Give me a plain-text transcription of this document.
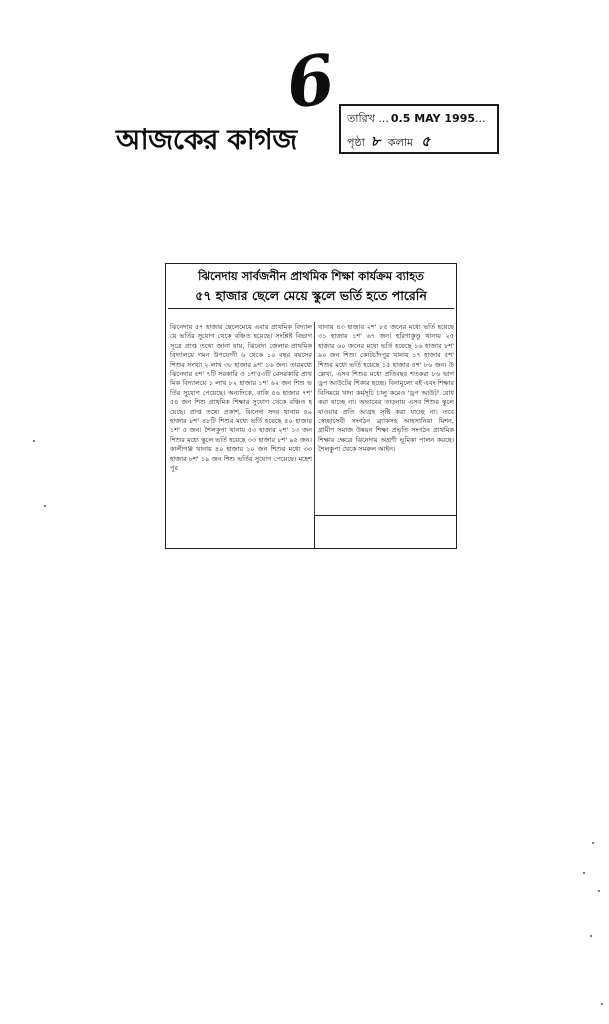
6
আজকের কাগজ
তারিখ ... 0.5 MAY 1995...
পৃষ্ঠা ৮ কলাম ৫
ঝিনেদায় সার্বজনীন প্রাথমিক শিক্ষা কার্যক্রম ব্যাহত
৫৭ হাজার ছেলে মেয়ে স্কুলে ভর্তি হতে পারেনি
ঝিনেদায় ৫৭ হাজার ছেলেমেয়ে এবার প্রাথমিক বিদ্যালয়ে ভর্তির সুযোগ থেকে বঞ্চিত হয়েছে। সংশ্লিষ্ট বিভাগ সূত্রে প্রাপ্ত তথ্যে জানা যায়, ঝিনেদা জেলার প্রাথমিক বিদ্যালয়ে গমন উপযোগী ৬ থেকে ১০ বছর বয়সের শিশুর সংখ্যা ২ লাখ ৩৮ হাজার ৯শ' ১৬ জন। তারমধ্যে ঝিনেদার ৫শ' ৭টি সরকারি ও ১শ'৫৩টি বেসরকারি প্রাথমিক বিদ্যালয়ে ১ লাখ ৮২ হাজার ১শ' ৬২ জন শিশু ভর্তির সুযোগ পেয়েছে। অন্যদিকে, বাকি ৫৬ হাজার ৭শ' ৫৪ জন শিশু প্রাথমিক শিক্ষার সুযোগ থেকে বঞ্চিত হয়েছে। প্রাপ্ত তথ্যে প্রকাশ, ঝিনেদা সদর থানায় ৫৯ হাজার ৮শ' ৪৮টি শিশুর মধ্যে ভর্তি হয়েছে ৫০ হাজার ১শ' ৫ জন। শৈলকুপা থানায় ৫৩ হাজার ২শ' ১৩ জন শিশুর মধ্যে স্কুলে ভর্তি হয়েছে ৩৩ হাজার ৮শ' ৯৫ জন। কালীগঞ্জ থানায় ৪০ হাজার ১০ জন শিশুর মধ্যে ৩৩ হাজার ৮শ' ১৯ জন শিশু ভর্তির সুযোগ পেয়েছে। মহেশপুর
থানায় ৪৩ হাজার ২শ' ৮৫ জনের মধ্যে ভর্তি হয়েছে ৩১ হাজার ১শ' ৬৭ জন। হরিণাকুণ্ডু থানায় ২৫ হাজার ৬০ জনের মধ্যে ভর্তি হয়েছে ১৬ হাজার ৮শ' ৯০ জন শিশু। কোটচাঁদপুর থানায় ১৭ হাজার ৫শ' শিশুর মধ্যে ভর্তি হয়েছে ১৫ হাজার ৫শ' ৮৬ জন। উল্লেখ্য, এসব শিশুর মধ্যে প্রতিবছর শতকরা ৮৬ ভাগ ড্রপ আউটের শিকার হচ্ছে। বিনামূল্যে বই এবং শিক্ষার বিনিময়ে খাদ্য কর্মসূচি চালু করেও 'ড্রপ আউট' রোধ করা যাচ্ছে না। অভাবের তাড়নায় এসব শিশুর স্কুলে যাওয়ার প্রতি আগ্রহ সৃষ্টি করা যাচ্ছে না। তবে স্বেচ্ছাসেবী সংগঠন ব্র্যাকসহ আহসানিয়া মিশন, গ্রামীণ সমাজ উন্নয়ন শিক্ষা প্রভৃতি সংগঠন প্রাথমিক শিক্ষার ক্ষেত্রে ঝিনেদায় অগ্রণী ভূমিকা পালন করছে। শৈলকুপা থেকে সমরুল আইন।
